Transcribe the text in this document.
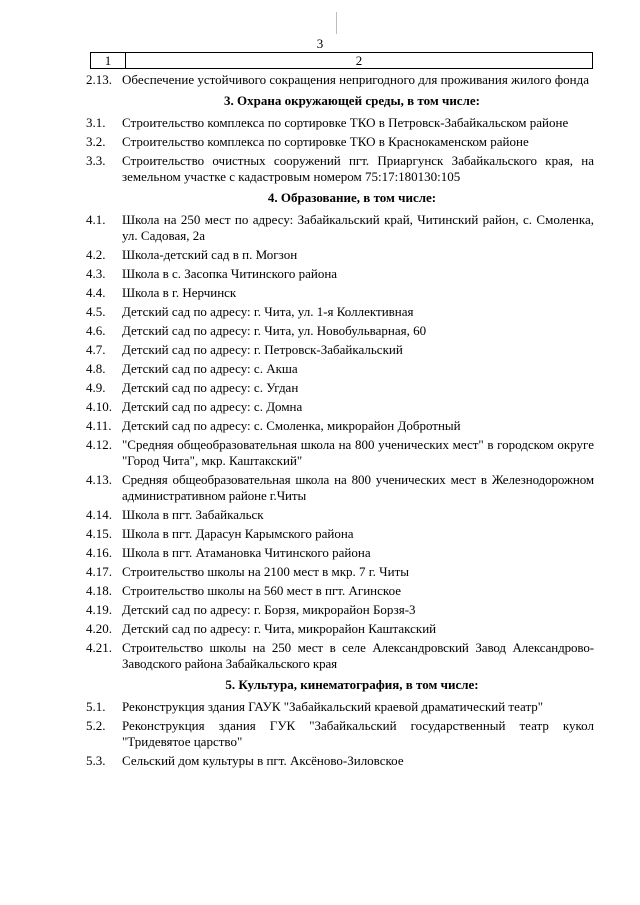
3
1	2
2.13. Обеспечение устойчивого сокращения непригодного для проживания жилого фонда
3. Охрана окружающей среды, в том числе:
3.1.	Строительство комплекса по сортировке ТКО в Петровск-Забайкальском районе
3.2.	Строительство комплекса по сортировке ТКО в Краснокаменском районе
3.3.	Строительство очистных сооружений пгт. Приаргунск Забайкальского края, на земельном участке с кадастровым номером 75:17:180130:105
4. Образование, в том числе:
4.1.	Школа на 250 мест по адресу: Забайкальский край, Читинский район, с. Смоленка, ул. Садовая, 2а
4.2.	Школа-детский сад в п. Могзон
4.3.	Школа в с. Засопка Читинского района
4.4.	Школа в г. Нерчинск
4.5.	Детский сад по адресу: г. Чита, ул. 1-я Коллективная
4.6.	Детский сад по адресу: г. Чита, ул. Новобульварная, 60
4.7.	Детский сад по адресу: г. Петровск-Забайкальский
4.8.	Детский сад по адресу: с. Акша
4.9.	Детский сад по адресу: с. Угдан
4.10. Детский сад по адресу: с. Домна
4.11. Детский сад по адресу: с. Смоленка, микрорайон Добротный
4.12. "Средняя общеобразовательная школа на 800 ученических мест" в городском округе "Город Чита", мкр. Каштакский"
4.13. Средняя общеобразовательная школа на 800 ученических мест в Железнодорожном административном районе г.Читы
4.14. Школа в пгт. Забайкальск
4.15. Школа в пгт. Дарасун Карымского района
4.16. Школа в пгт. Атамановка Читинского района
4.17. Строительство школы на 2100 мест в мкр. 7 г. Читы
4.18. Строительство школы на 560 мест в пгт. Агинское
4.19. Детский сад по адресу: г. Борзя, микрорайон Борзя-3
4.20. Детский сад по адресу: г. Чита, микрорайон Каштакский
4.21. Строительство школы на 250 мест в селе Александровский Завод Александрово-Заводского района Забайкальского края
5. Культура, кинематография, в том числе:
5.1.	Реконструкция здания ГАУК "Забайкальский краевой драматический театр"
5.2.	Реконструкция здания ГУК "Забайкальский государственный театр кукол "Тридевятое царство"
5.3.	Сельский дом культуры в пгт. Аксёново-Зиловское
